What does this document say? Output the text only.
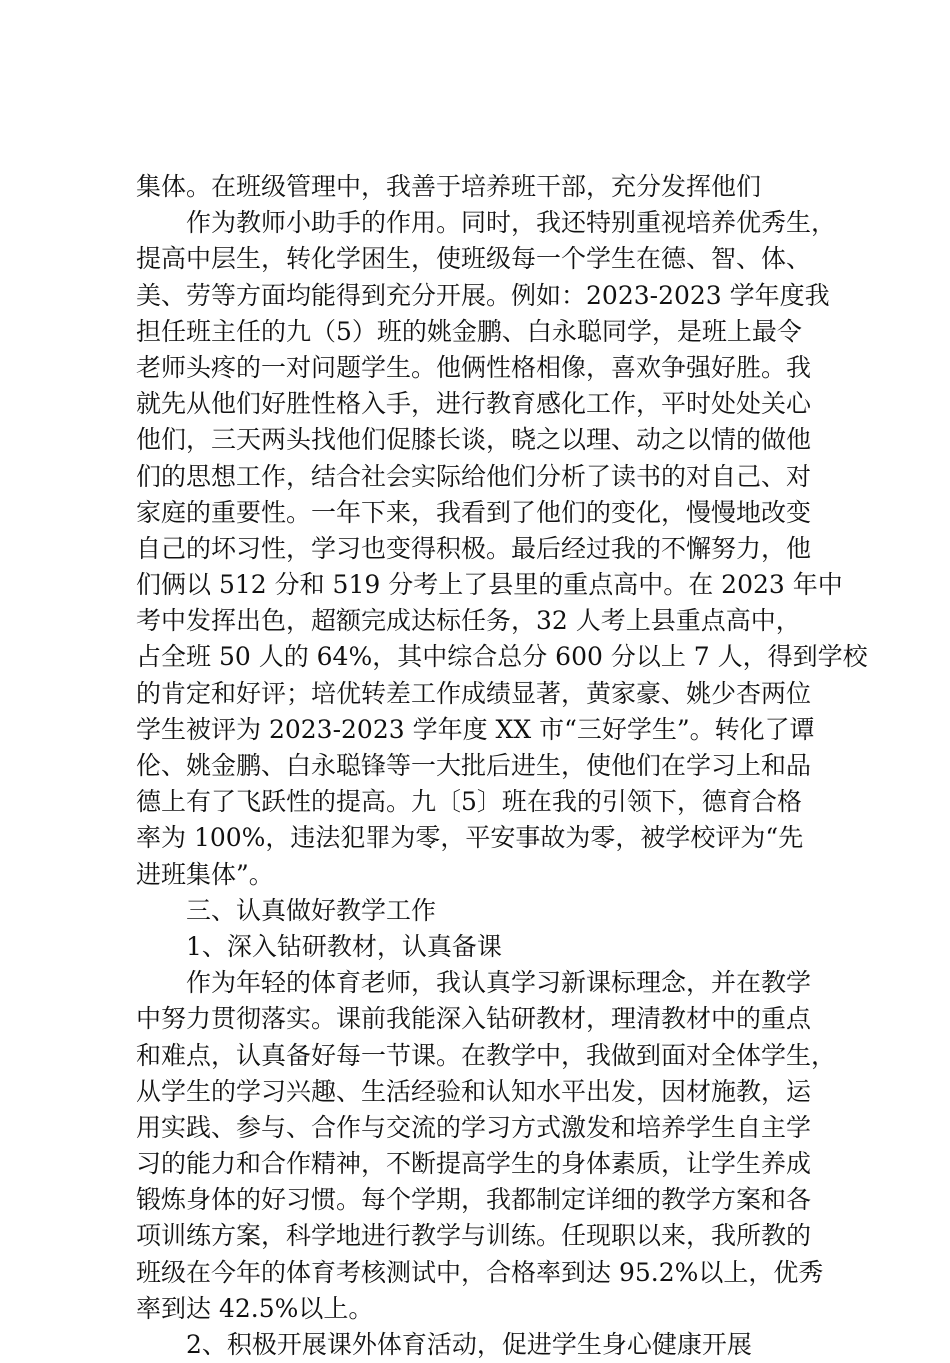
集体。在班级管理中，我善于培养班干部，充分发挥他们
作为教师小助手的作用。同时，我还特别重视培养优秀生，
提高中层生，转化学困生，使班级每一个学生在德、智、体、
美、劳等方面均能得到充分开展。例如：2023-2023 学年度我
担任班主任的九（5）班的姚金鹏、白永聪同学，是班上最令
老师头疼的一对问题学生。他俩性格相像，喜欢争强好胜。我
就先从他们好胜性格入手，进行教育感化工作，平时处处关心
他们，三天两头找他们促膝长谈，晓之以理、动之以情的做他
们的思想工作，结合社会实际给他们分析了读书的对自己、对
家庭的重要性。一年下来，我看到了他们的变化，慢慢地改变
自己的坏习性，学习也变得积极。最后经过我的不懈努力，他
们俩以 512 分和 519 分考上了县里的重点高中。在 2023 年中
考中发挥出色，超额完成达标任务，32 人考上县重点高中，
占全班 50 人的 64%，其中综合总分 600 分以上 7 人，得到学校
的肯定和好评；培优转差工作成绩显著，黄家豪、姚少杏两位
学生被评为 2023-2023 学年度 XX 市“三好学生”。转化了谭
伦、姚金鹏、白永聪锋等一大批后进生，使他们在学习上和品
德上有了飞跃性的提高。九〔5〕班在我的引领下，德育合格
率为 100%，违法犯罪为零，平安事故为零，被学校评为“先
进班集体”。
三、认真做好教学工作
1、深入钻研教材，认真备课
作为年轻的体育老师，我认真学习新课标理念，并在教学
中努力贯彻落实。课前我能深入钻研教材，理清教材中的重点
和难点，认真备好每一节课。在教学中，我做到面对全体学生，
从学生的学习兴趣、生活经验和认知水平出发，因材施教，运
用实践、参与、合作与交流的学习方式激发和培养学生自主学
习的能力和合作精神，不断提高学生的身体素质，让学生养成
锻炼身体的好习惯。每个学期，我都制定详细的教学方案和各
项训练方案，科学地进行教学与训练。任现职以来，我所教的
班级在今年的体育考核测试中，合格率到达 95.2%以上，优秀
率到达 42.5%以上。
2、积极开展课外体育活动，促进学生身心健康开展
